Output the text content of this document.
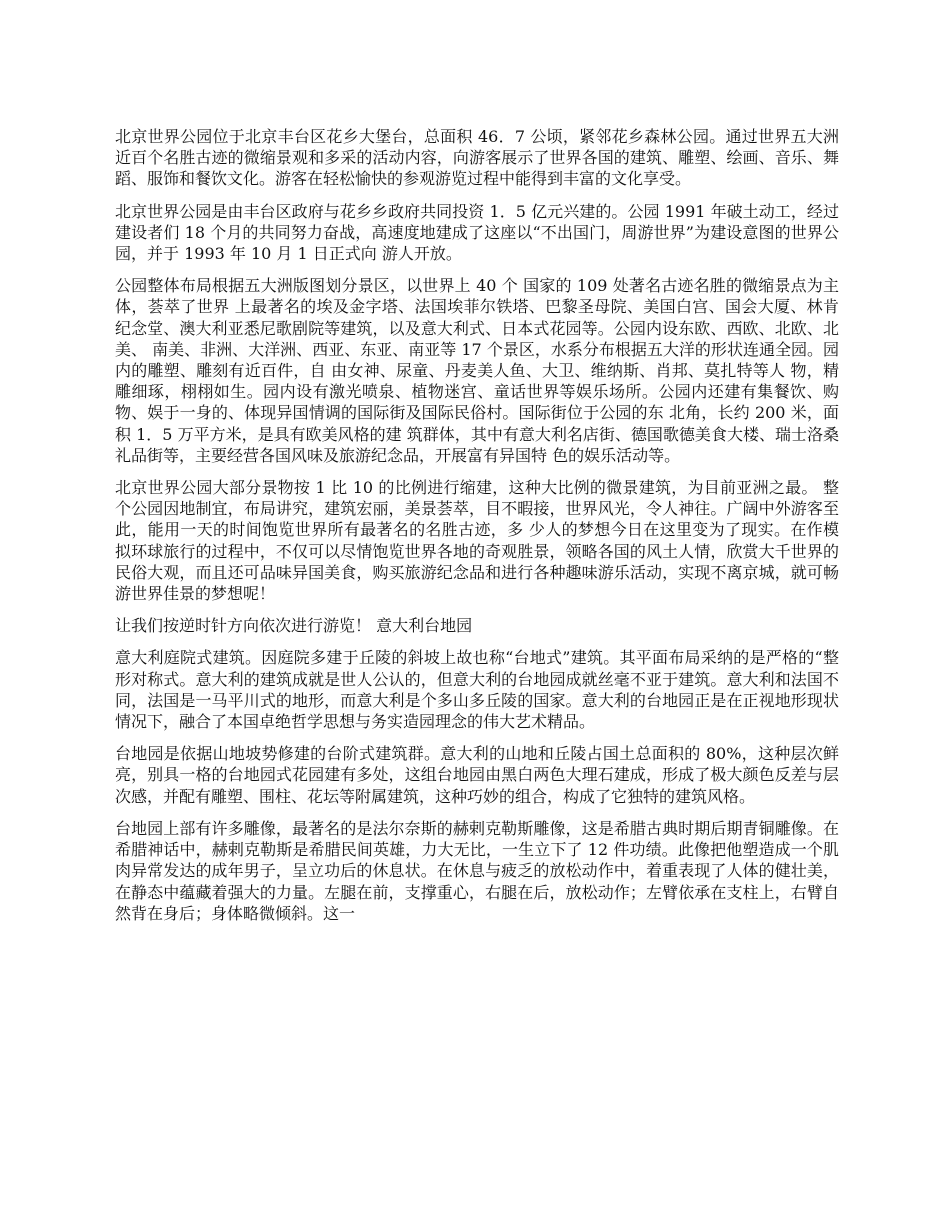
北京世界公园位于北京丰台区花乡大堡台，总面积 46．7 公顷，紧邻花乡森林公园。通过世界五大洲近百个名胜古迹的微缩景观和多采的活动内容，向游客展示了世界各国的建筑、雕塑、绘画、音乐、舞蹈、服饰和餐饮文化。游客在轻松愉快的参观游览过程中能得到丰富的文化享受。

北京世界公园是由丰台区政府与花乡乡政府共同投资 1．5 亿元兴建的。公园 1991 年破土动工，经过建设者们 18 个月的共同努力奋战，高速度地建成了这座以“不出国门，周游世界”为建设意图的世界公园，并于 1993 年 10 月 1 日正式向 游人开放。

公园整体布局根据五大洲版图划分景区，以世界上 40 个 国家的 109 处著名古迹名胜的微缩景点为主体，荟萃了世界 上最著名的埃及金字塔、法国埃菲尔铁塔、巴黎圣母院、美国白宫、国会大厦、林肯纪念堂、澳大利亚悉尼歌剧院等建筑，以及意大利式、日本式花园等。公园内设东欧、西欧、北欧、北美、 南美、非洲、大洋洲、西亚、东亚、南亚等 17 个景区，水系分布根据五大洋的形状连通全园。园内的雕塑、雕刻有近百件，自 由女神、尿童、丹麦美人鱼、大卫、维纳斯、肖邦、莫扎特等人 物，精雕细琢，栩栩如生。园内设有激光喷泉、植物迷宫、童话世界等娱乐场所。公园内还建有集餐饮、购物、娱于一身的、体现异国情调的国际街及国际民俗村。国际街位于公园的东 北角，长约 200 米，面积 1．5 万平方米，是具有欧美风格的建 筑群体，其中有意大利名店街、德国歌德美食大楼、瑞士洛桑礼品街等，主要经营各国风味及旅游纪念品，开展富有异国特 色的娱乐活动等。

北京世界公园大部分景物按 1 比 10 的比例进行缩建，这种大比例的微景建筑，为目前亚洲之最。 整个公园因地制宜，布局讲究，建筑宏丽，美景荟萃，目不暇接，世界风光，令人神往。广阔中外游客至此，能用一天的时间饱览世界所有最著名的名胜古迹，多 少人的梦想今日在这里变为了现实。在作模拟环球旅行的过程中，不仅可以尽情饱览世界各地的奇观胜景，领略各国的风土人情，欣赏大千世界的民俗大观，而且还可品味异国美食，购买旅游纪念品和进行各种趣味游乐活动，实现不离京城，就可畅游世界佳景的梦想呢！

让我们按逆时针方向依次进行游览！ 意大利台地园

意大利庭院式建筑。因庭院多建于丘陵的斜坡上故也称“台地式”建筑。其平面布局采纳的是严格的“整形对称式。意大利的建筑成就是世人公认的，但意大利的台地园成就丝毫不亚于建筑。意大利和法国不同，法国是一马平川式的地形，而意大利是个多山多丘陵的国家。意大利的台地园正是在正视地形现状情况下，融合了本国卓绝哲学思想与务实造园理念的伟大艺术精品。

台地园是依据山地坡势修建的台阶式建筑群。意大利的山地和丘陵占国土总面积的 80%，这种层次鲜亮，别具一格的台地园式花园建有多处，这组台地园由黑白两色大理石建成，形成了极大颜色反差与层次感，并配有雕塑、围柱、花坛等附属建筑，这种巧妙的组合，构成了它独特的建筑风格。

台地园上部有许多雕像，最著名的是法尔奈斯的赫剌克勒斯雕像，这是希腊古典时期后期青铜雕像。在希腊神话中，赫剌克勒斯是希腊民间英雄，力大无比，一生立下了 12 件功绩。此像把他塑造成一个肌肉异常发达的成年男子，呈立功后的休息状。在休息与疲乏的放松动作中，着重表现了人体的健壮美，在静态中蕴藏着强大的力量。左腿在前，支撑重心，右腿在后，放松动作；左臂依承在支柱上，右臂自然背在身后；身体略微倾斜。这一
